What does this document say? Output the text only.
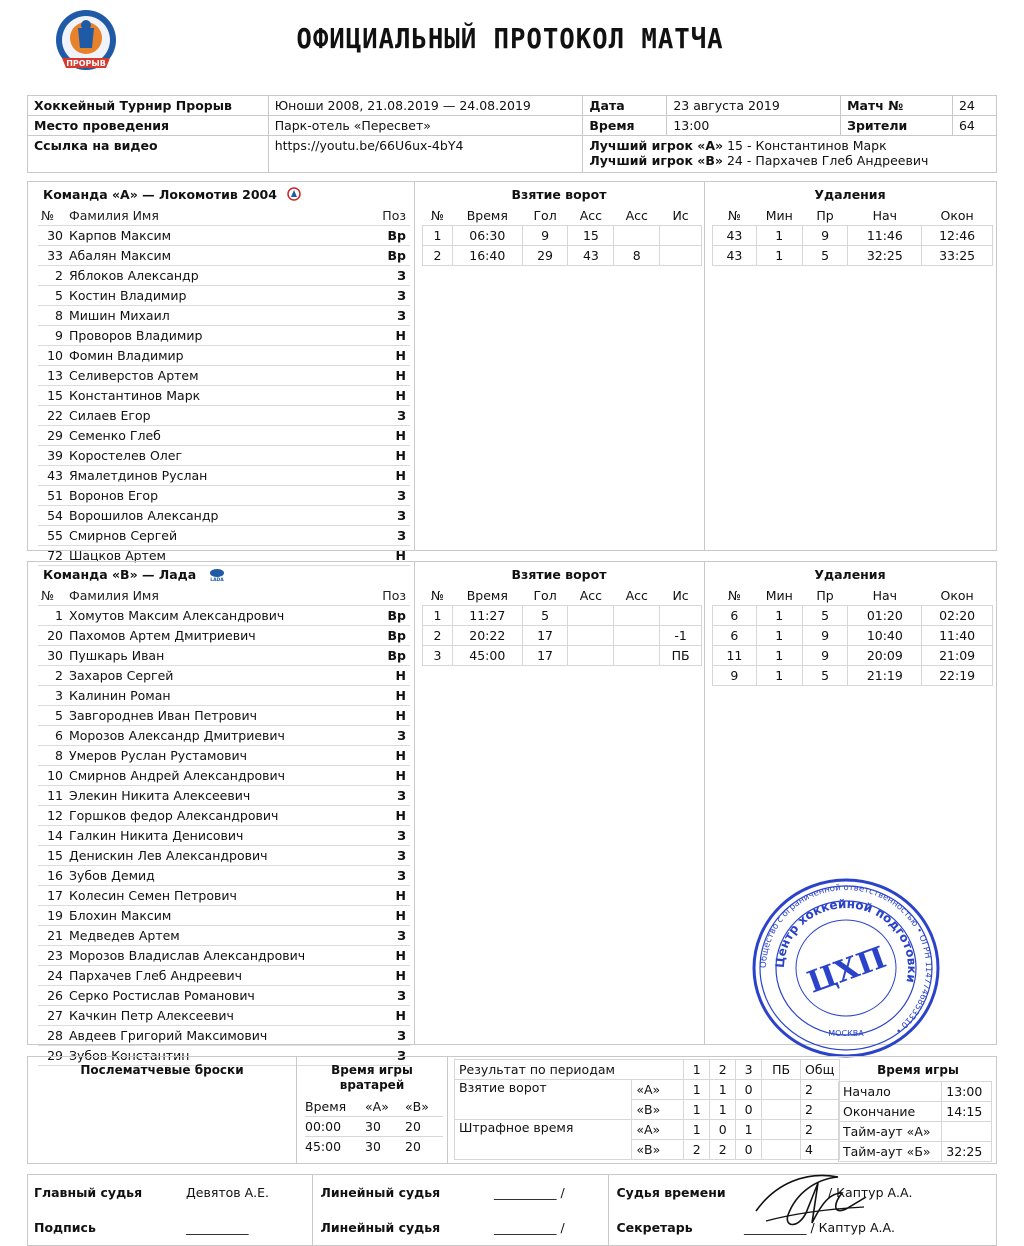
ПРОРЫВ
ОФИЦИАЛЬНЫЙ ПРОТОКОЛ МАТЧА
Хоккейный Турнир Прорыв	Юноши 2008, 21.08.2019 — 24.08.2019	Дата	23 августа 2019	Матч №	24
Место проведения	Парк-отель «Пересвет»	Время	13:00	Зрители	64
Ссылка на видео	https://youtu.be/66U6ux-4bY4	Лучший игрок «А» 15 - Константинов Марк
Лучший игрок «В» 24 - Пархачев Глеб Андреевич			
Команда «А» — Локомотив 2004
№	Фамилия Имя	Поз
30	Карпов Максим	Вр
33	Абалян Максим	Вр
2	Яблоков Александр	З
5	Костин Владимир	З
8	Мишин Михаил	З
9	Проворов Владимир	Н
10	Фомин Владимир	Н
13	Селиверстов Артем	Н
15	Константинов Марк	Н
22	Силаев Егор	З
29	Семенко Глеб	Н
39	Коростелев Олег	Н
43	Ямалетдинов Руслан	Н
51	Воронов Егор	З
54	Ворошилов Александр	З
55	Смирнов Сергей	З
72	Шацков Артем	Н
Взятие ворот
№	Время	Гол	Асс	Асс	Ис
1	06:30	9	15		
2	16:40	29	43	8	
Удаления
№	Мин	Пр	Нач	Окон
43	1	9	11:46	12:46
43	1	5	32:25	33:25
Команда «В» — Лада	LADA
№	Фамилия Имя	Поз
1	Хомутов Максим Александрович	Вр
20	Пахомов Артем Дмитриевич	Вр
30	Пушкарь Иван	Вр
2	Захаров Сергей	Н
3	Калинин Роман	Н
5	Завгороднев Иван Петрович	Н
6	Морозов Александр Дмитриевич	З
8	Умеров Руслан Рустамович	Н
10	Смирнов Андрей Александрович	Н
11	Элекин Никита Алексеевич	З
12	Горшков федор Александрович	Н
14	Галкин Никита Денисович	З
15	Денискин Лев Александрович	З
16	Зубов Демид	З
17	Колесин Семен Петрович	Н
19	Блохин Максим	Н
21	Медведев Артем	З
23	Морозов Владислав Александрович	Н
24	Пархачев Глеб Андреевич	Н
26	Серко Ростислав Романович	З
27	Качкин Петр Алексеевич	Н
28	Авдеев Григорий Максимович	З
29	Зубов Константин	З
Взятие ворот
№	Время	Гол	Асс	Асс	Ис
1	11:27	5			
2	20:22	17			-1
3	45:00	17			ПБ
Удаления
№	Мин	Пр	Нач	Окон
6	1	5	01:20	02:20
6	1	9	10:40	11:40
11	1	9	20:09	21:09
9	1	5	21:19	22:19
Общество с ограниченной ответственностью • ОГРН 1147746853310 •
Центр хоккейной подготовки
ЦХП
МОСКВА
Послематчевые броски	Время игры вратарей
Время	«А»	«В»
00:00	30	20
45:00	30	20
Результат по периодам		1	2	3	ПБ	Общ
Взятие ворот	«А»	1	1	0		2
	«В»	1	1	0		2
Штрафное время	«А»	1	0	1		2
	«В»	2	2	0		4
Время игры
Начало	13:00
Окончание	14:15
Тайм-аут «А»	
Тайм-аут «Б»	32:25
Главный судья	Девятов А.Е.	Линейный судья	__________ /	Судья времени	/ Каптур А.А.
Подпись	__________	Линейный судья	__________ /	Секретарь	__________ / Каптур А.А.
